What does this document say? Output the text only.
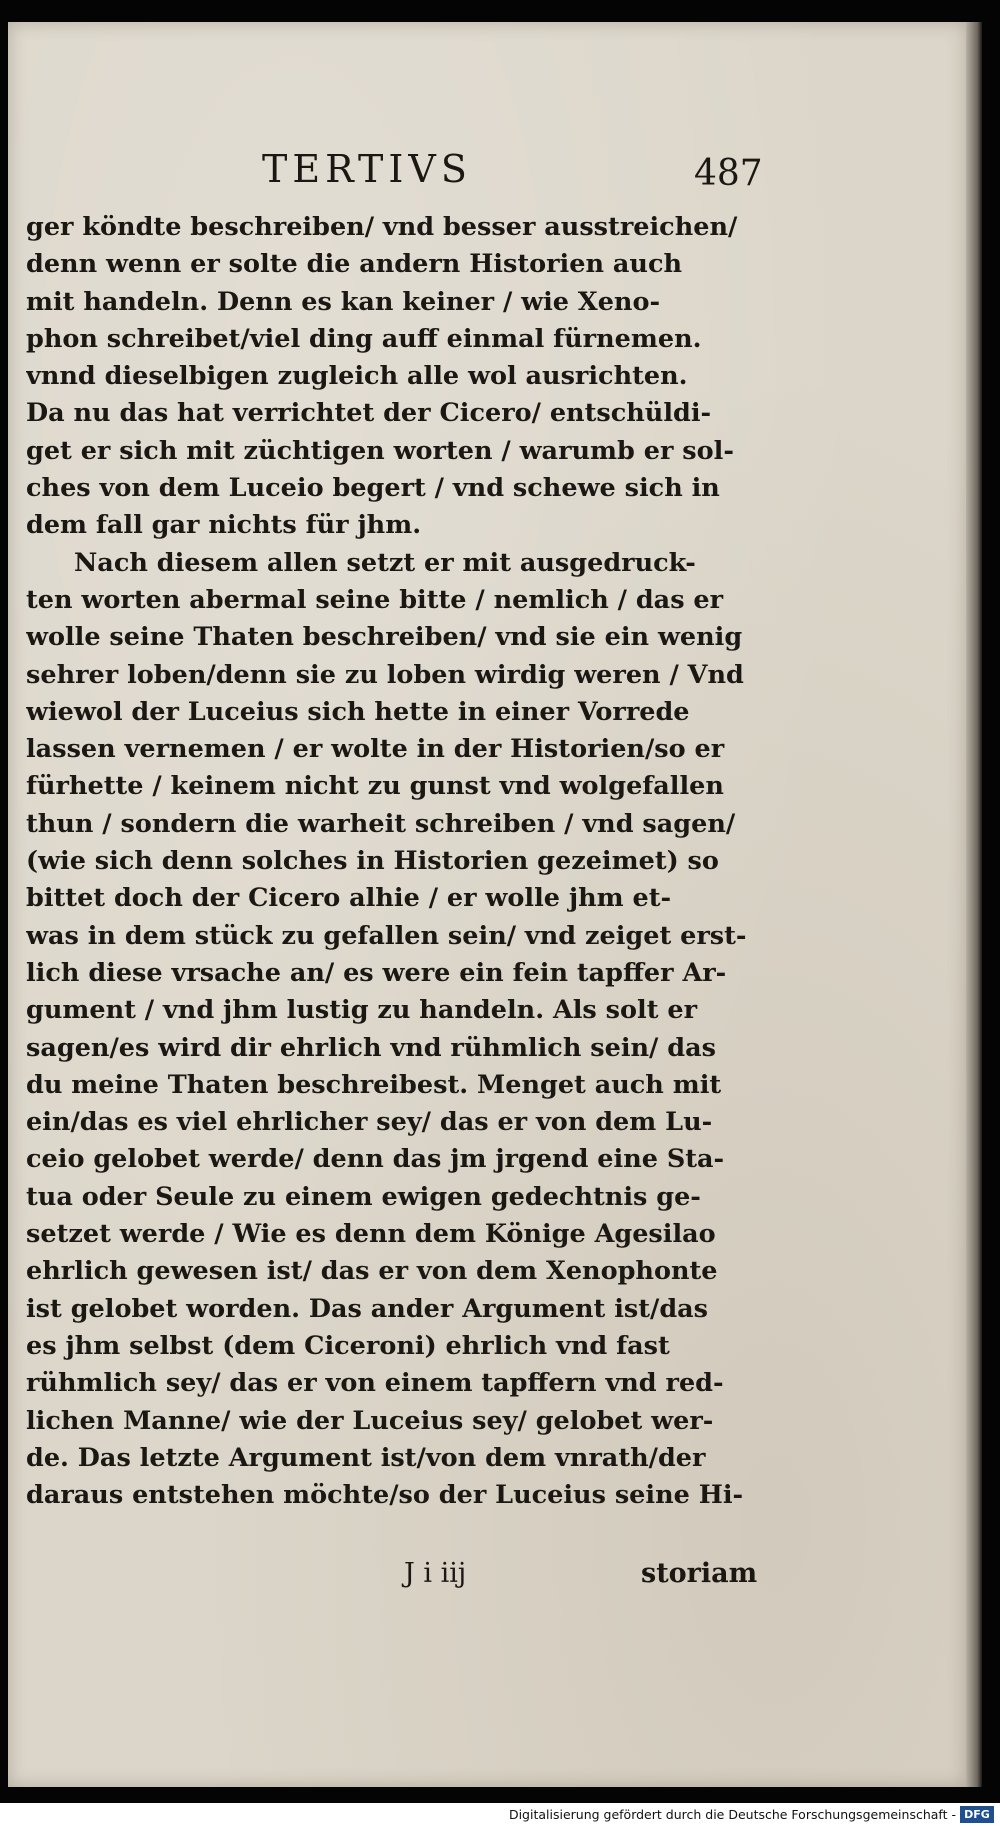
TERTIVS	487
ger köndte beschreiben/ vnd besser ausstreichen/
denn wenn er solte die andern Historien auch
mit handeln. Denn es kan keiner / wie Xeno-
phon schreibet/viel ding auff einmal fürnemen.
vnnd dieselbigen zugleich alle wol ausrichten.
Da nu das hat verrichtet der Cicero/ entschüldi-
get er sich mit züchtigen worten / warumb er sol-
ches von dem Luceio begert / vnd schewe sich in
dem fall gar nichts für jhm.
Nach diesem allen setzt er mit ausgedruck-
ten worten abermal seine bitte / nemlich / das er
wolle seine Thaten beschreiben/ vnd sie ein wenig
sehrer loben/denn sie zu loben wirdig weren / Vnd
wiewol der Luceius sich hette in einer Vorrede
lassen vernemen / er wolte in der Historien/so er
fürhette / keinem nicht zu gunst vnd wolgefallen
thun / sondern die warheit schreiben / vnd sagen/
(wie sich denn solches in Historien gezeimet) so
bittet doch der Cicero alhie / er wolle jhm et-
was in dem stück zu gefallen sein/ vnd zeiget erst-
lich diese vrsache an/ es were ein fein tapffer Ar-
gument / vnd jhm lustig zu handeln. Als solt er
sagen/es wird dir ehrlich vnd rühmlich sein/ das
du meine Thaten beschreibest. Menget auch mit
ein/das es viel ehrlicher sey/ das er von dem Lu-
ceio gelobet werde/ denn das jm jrgend eine Sta-
tua oder Seule zu einem ewigen gedechtnis ge-
setzet werde / Wie es denn dem Könige Agesilao
ehrlich gewesen ist/ das er von dem Xenophonte
ist gelobet worden. Das ander Argument ist/das
es jhm selbst (dem Ciceroni) ehrlich vnd fast
rühmlich sey/ das er von einem tapffern vnd red-
lichen Manne/ wie der Luceius sey/ gelobet wer-
de. Das letzte Argument ist/von dem vnrath/der
daraus entstehen möchte/so der Luceius seine Hi-
J i iij	storiam
Digitalisierung gefördert durch die Deutsche Forschungsgemeinschaft - DFG
